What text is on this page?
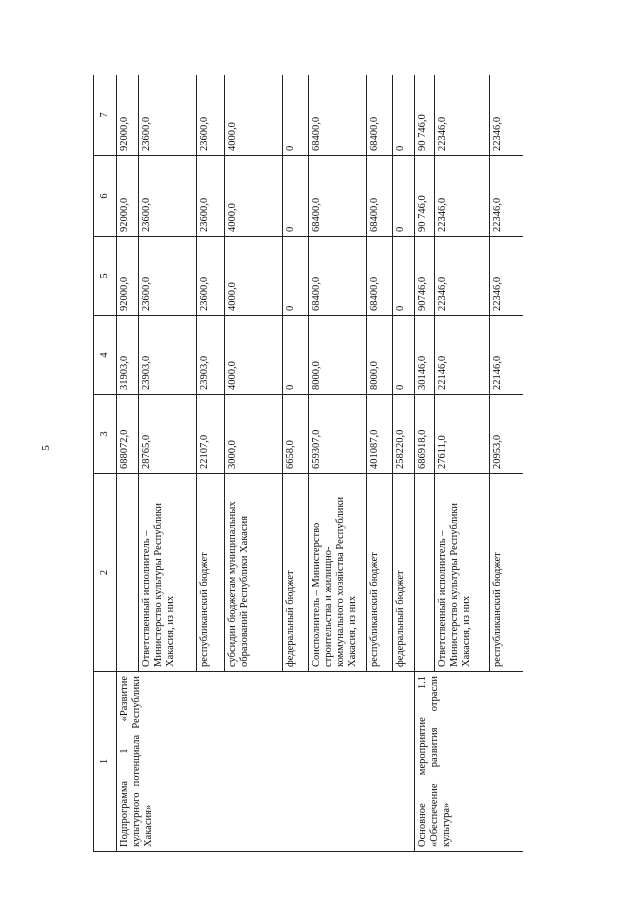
5
1	2	3	4	5	6	7
Подпрограмма 1 «Развитие культурного потенциала Республики Хакасия»		688072,0	31903,0	92000,0	92000,0	92000,0
	Ответственный исполнитель – Министерство культуры Республики Хакасия, из них	28765,0	23903,0	23600,0	23600,0	23600,0
	республиканский бюджет	22107,0	23903,0	23600,0	23600,0	23600,0
	субсидии бюджетам муниципальных образований Республики Хакасия	3000,0	4000,0	4000,0	4000,0	4000,0
	федеральный бюджет	6658,0	0	0	0	0
	Соисполнитель – Министерство строительства и жилищно-коммунального хозяйства Республики Хакасия, из них	659307,0	8000,0	68400,0	68400,0	68400,0
	республиканский бюджет	401087,0	8000,0	68400,0	68400,0	68400,0
	федеральный бюджет	258220,0	0	0	0	0
Основное мероприятие 1.1 «Обеспечение развития отрасли культура»		686918,0	30146,0	90746,0	90 746,0	90 746,0
	Ответственный исполнитель – Министерство культуры Республики Хакасия, из них	27611,0	22146,0	22346,0	22346,0	22346,0
	республиканский бюджет	20953,0	22146,0	22346,0	22346,0	22346,0
